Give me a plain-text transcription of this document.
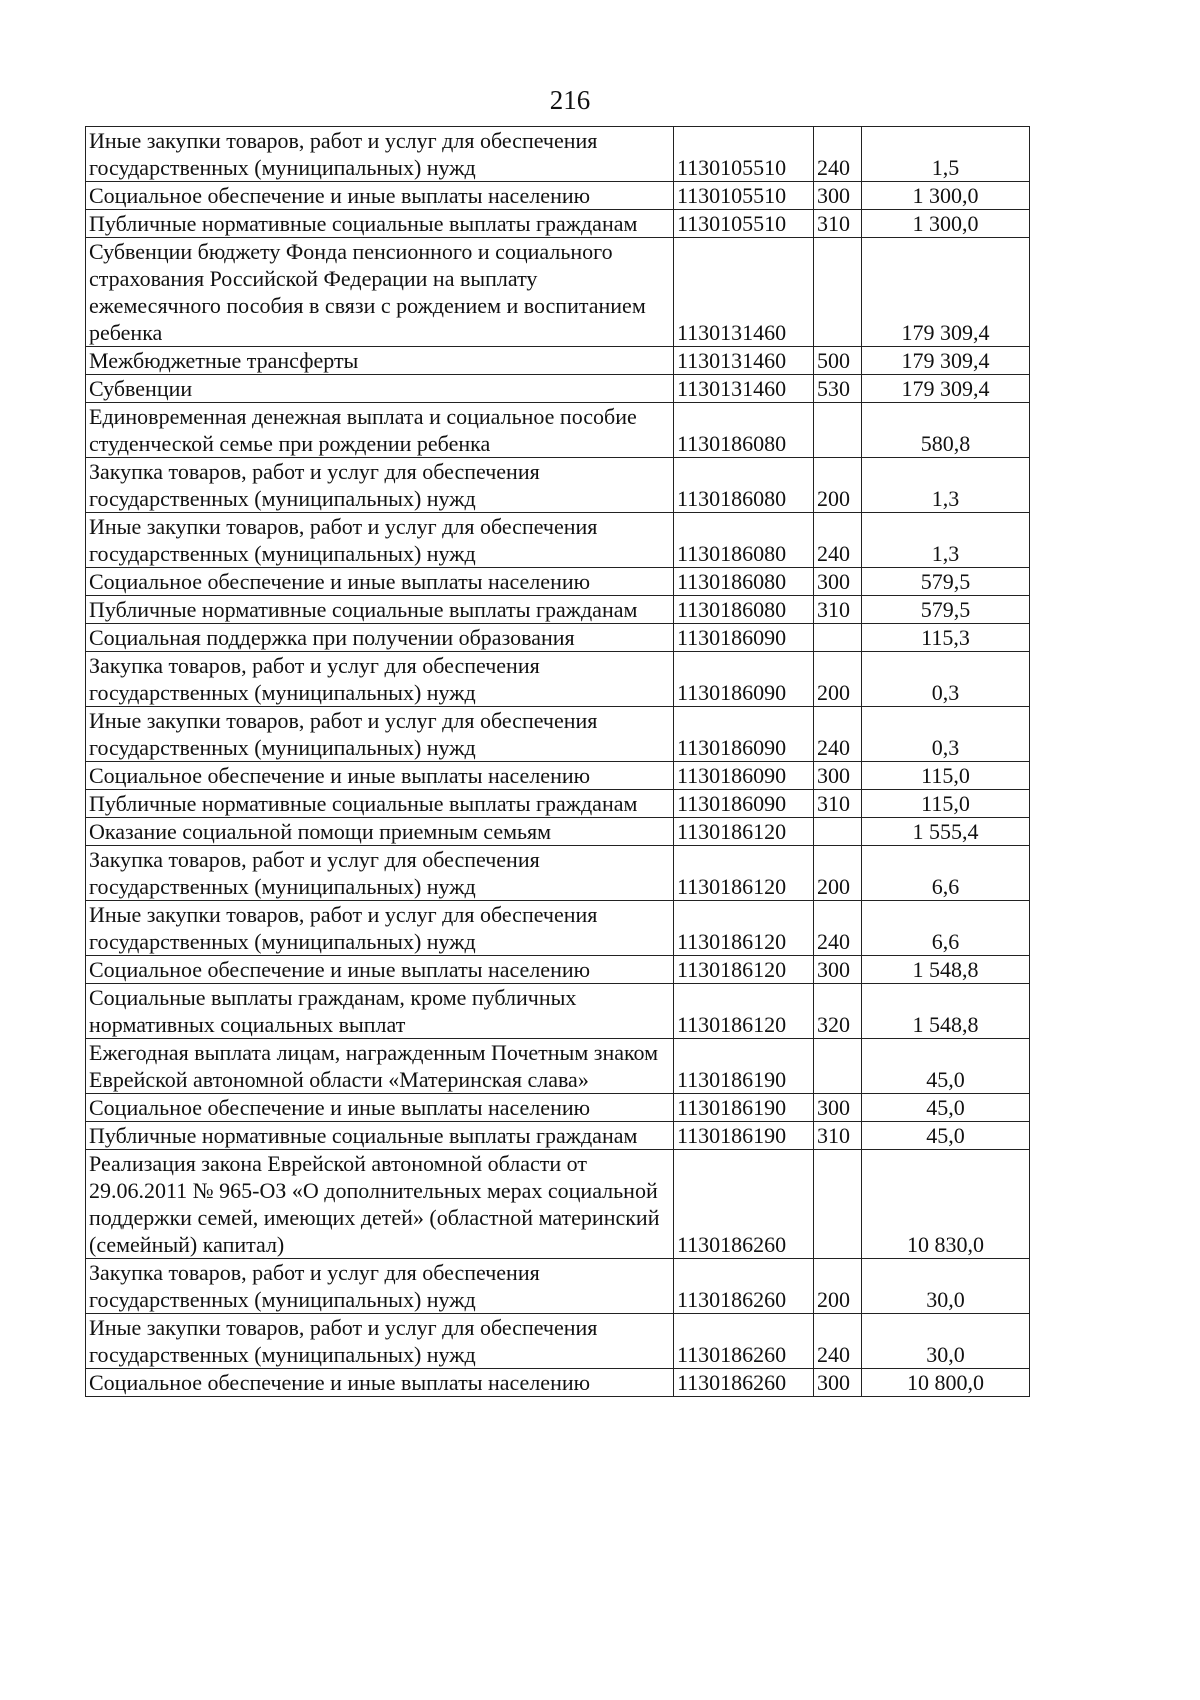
216
Иные закупки товаров, работ и услуг для обеспечения государственных (муниципальных) нужд	1130105510	240	1,5
Социальное обеспечение и иные выплаты населению	1130105510	300	1 300,0
Публичные нормативные социальные выплаты гражданам	1130105510	310	1 300,0
Субвенции бюджету Фонда пенсионного и социального страхования Российской Федерации на выплату ежемесячного пособия в связи с рождением и воспитанием ребенка	1130131460		179 309,4
Межбюджетные трансферты	1130131460	500	179 309,4
Субвенции	1130131460	530	179 309,4
Единовременная денежная выплата и социальное пособие студенческой семье при рождении ребенка	1130186080		580,8
Закупка товаров, работ и услуг для обеспечения государственных (муниципальных) нужд	1130186080	200	1,3
Иные закупки товаров, работ и услуг для обеспечения государственных (муниципальных) нужд	1130186080	240	1,3
Социальное обеспечение и иные выплаты населению	1130186080	300	579,5
Публичные нормативные социальные выплаты гражданам	1130186080	310	579,5
Социальная поддержка при получении образования	1130186090		115,3
Закупка товаров, работ и услуг для обеспечения государственных (муниципальных) нужд	1130186090	200	0,3
Иные закупки товаров, работ и услуг для обеспечения государственных (муниципальных) нужд	1130186090	240	0,3
Социальное обеспечение и иные выплаты населению	1130186090	300	115,0
Публичные нормативные социальные выплаты гражданам	1130186090	310	115,0
Оказание социальной помощи приемным семьям	1130186120		1 555,4
Закупка товаров, работ и услуг для обеспечения государственных (муниципальных) нужд	1130186120	200	6,6
Иные закупки товаров, работ и услуг для обеспечения государственных (муниципальных) нужд	1130186120	240	6,6
Социальное обеспечение и иные выплаты населению	1130186120	300	1 548,8
Социальные выплаты гражданам, кроме публичных нормативных социальных выплат	1130186120	320	1 548,8
Ежегодная выплата лицам, награжденным Почетным знаком Еврейской автономной области «Материнская слава»	1130186190		45,0
Социальное обеспечение и иные выплаты населению	1130186190	300	45,0
Публичные нормативные социальные выплаты гражданам	1130186190	310	45,0
Реализация закона Еврейской автономной области от 29.06.2011 № 965-ОЗ «О дополнительных мерах социальной поддержки семей, имеющих детей» (областной материнский (семейный) капитал)	1130186260		10 830,0
Закупка товаров, работ и услуг для обеспечения государственных (муниципальных) нужд	1130186260	200	30,0
Иные закупки товаров, работ и услуг для обеспечения государственных (муниципальных) нужд	1130186260	240	30,0
Социальное обеспечение и иные выплаты населению	1130186260	300	10 800,0
